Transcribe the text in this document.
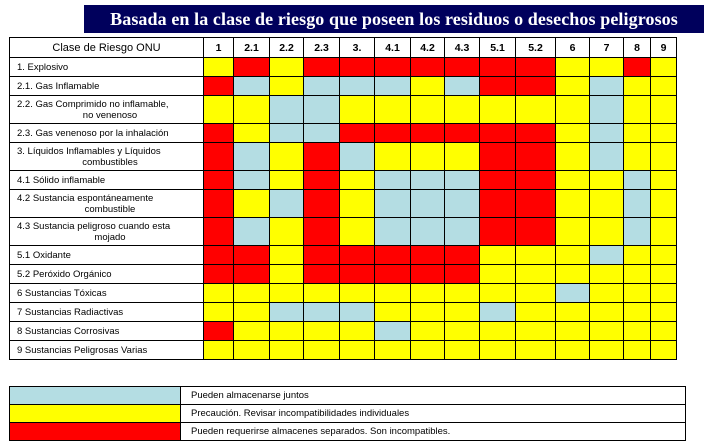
Basada en la clase de riesgo que poseen los residuos o desechos peligrosos
Clase de Riesgo ONU	1	2.1	2.2	2.3	3.	4.1	4.2	4.3	5.1	5.2	6	7	8	9

1. Explosivo														

2.1. Gas Inflamable														

2.2. Gas Comprimido no inflamable,
no venenoso														

2.3. Gas venenoso por la inhalación														

3. Líquidos Inflamables y Líquidos
combustibles														

4.1 Sólido inflamable														

4.2 Sustancia espontáneamente
combustible														

4.3 Sustancia peligroso cuando esta
mojado														

5.1 Oxidante														

5.2 Peróxido Orgánico														

6 Sustancias Tóxicas														

7 Sustancias Radiactivas														

8 Sustancias Corrosivas														

9 Sustancias Peligrosas Varias														

	Pueden almacenarse juntos
	Precaución. Revisar incompatibilidades individuales
	Pueden requerirse almacenes separados. Son incompatibles.
